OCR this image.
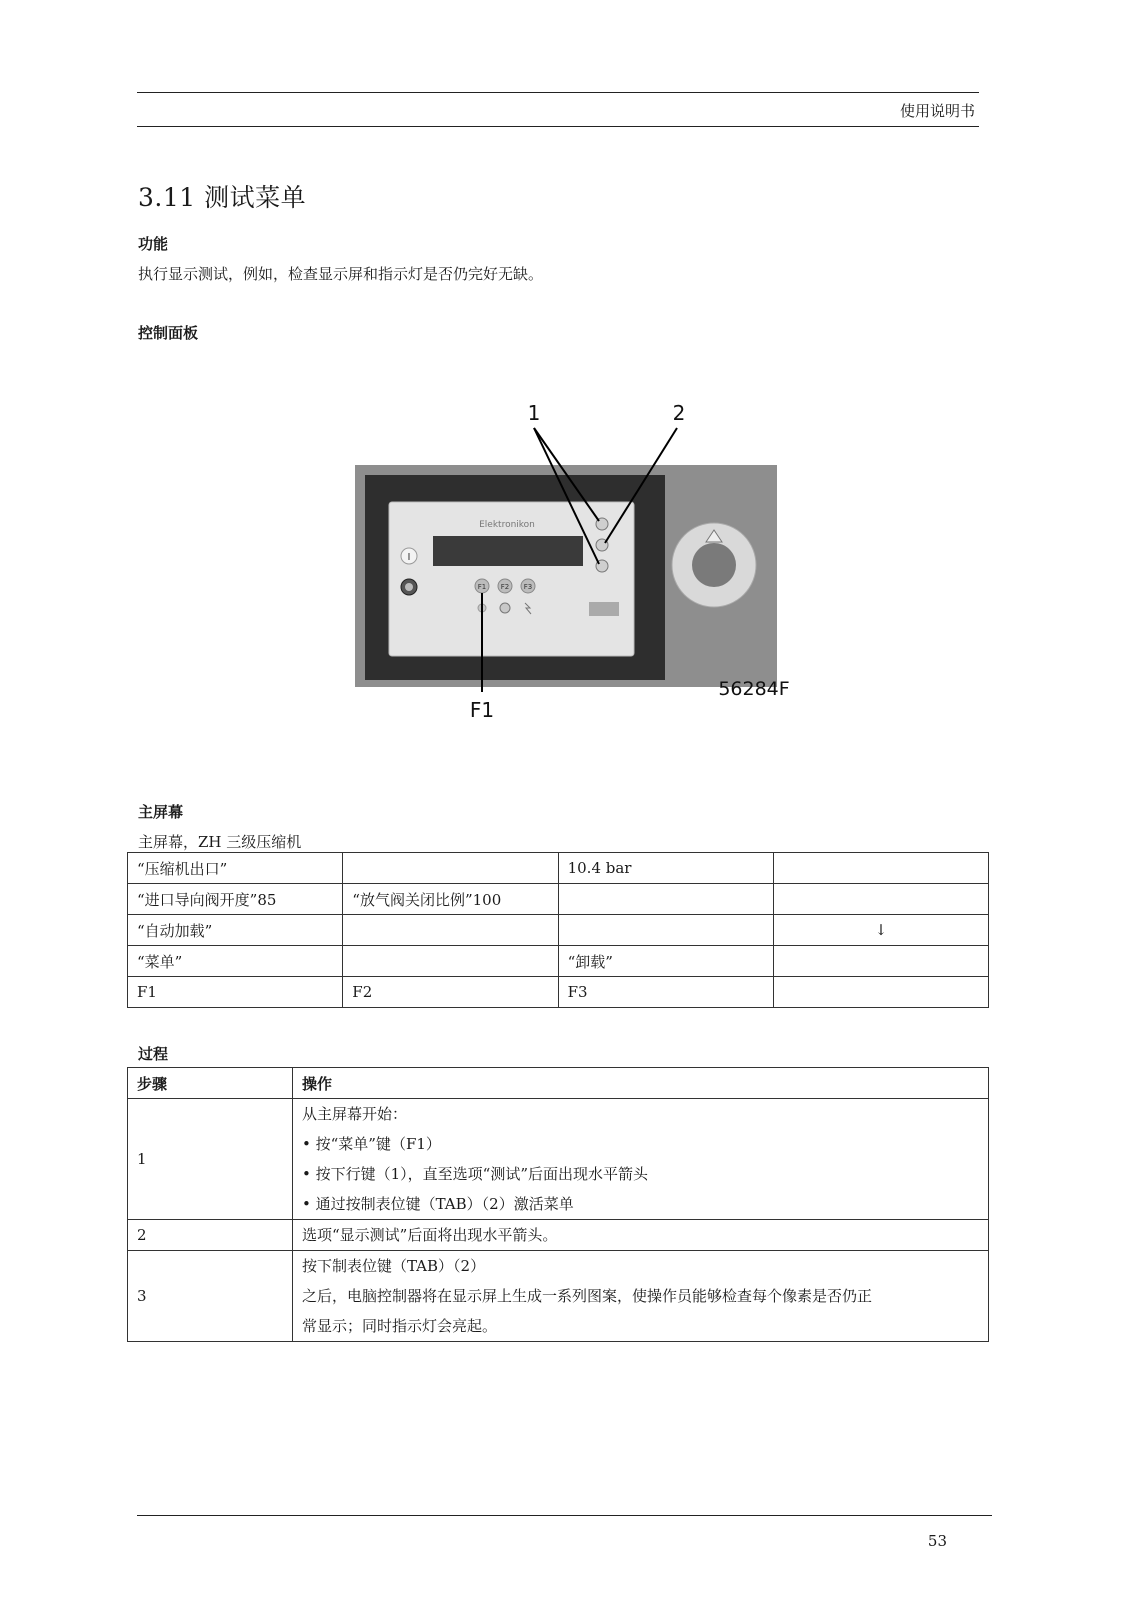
使用说明书
3.11 测试菜单
功能
执行显示测试，例如，检查显示屏和指示灯是否仍完好无缺。
控制面板
Elektronikon
I
F1 F2 F3
1	2
F1
56284F
主屏幕
主屏幕，ZH 三级压缩机
“压缩机出口”		10.4 bar	
“进口导向阀开度”85	“放气阀关闭比例”100		
“自动加载”			↓
“菜单”		“卸载”	
F1	F2	F3	
过程
步骤	操作
1	从主屏幕开始：
• 按“菜单”键（F1）
• 按下行键（1），直至选项“测试”后面出现水平箭头
• 通过按制表位键（TAB）（2）激活菜单

2	选项“显示测试”后面将出现水平箭头。

3	按下制表位键（TAB）（2）
之后，电脑控制器将在显示屏上生成一系列图案，使操作员能够检查每个像素是否仍正
常显示；同时指示灯会亮起。
53
